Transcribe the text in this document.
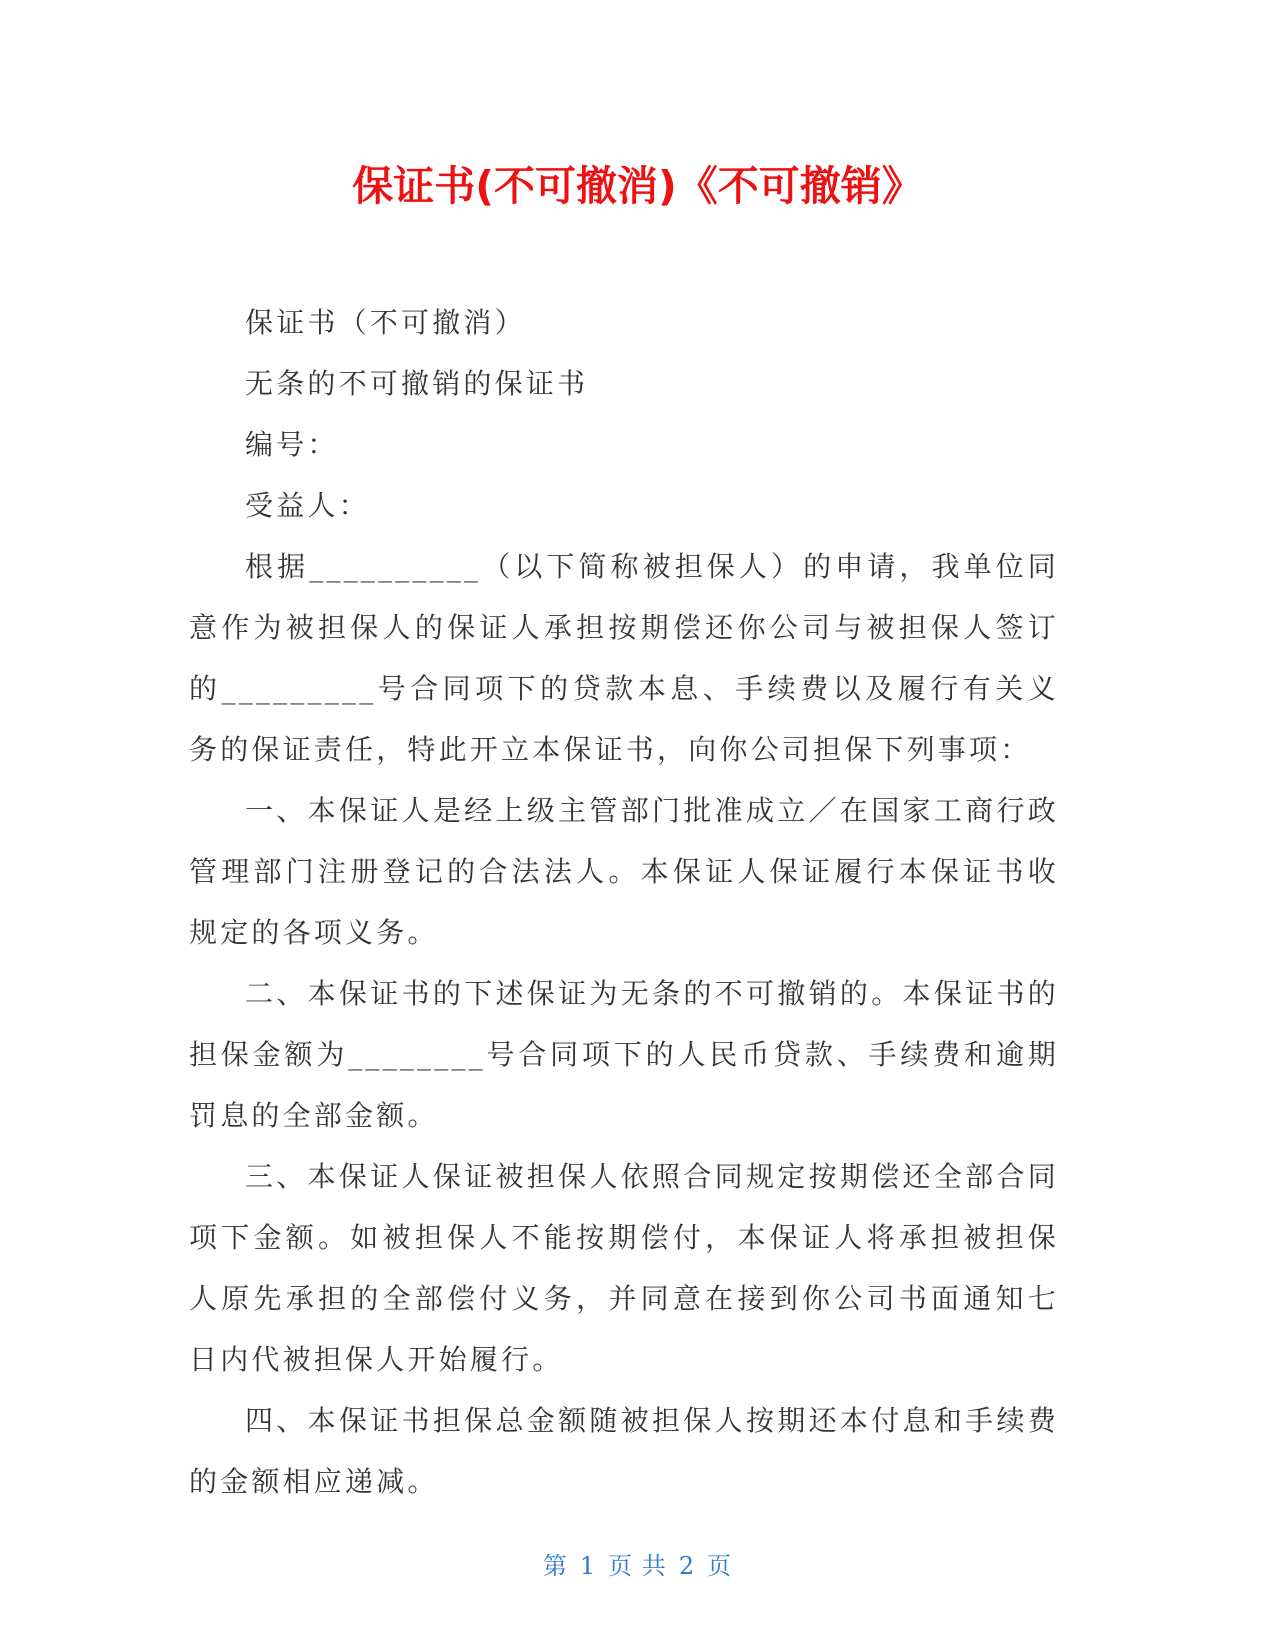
保证书(不可撤消)《不可撤销》

保证书（不可撤消）

无条的不可撤销的保证书

编号：

受益人：

根据__________（以下简称被担保人）的申请，我单位同意作为被担保人的保证人承担按期偿还你公司与被担保人签订的_________号合同项下的贷款本息、手续费以及履行有关义务的保证责任，特此开立本保证书，向你公司担保下列事项：

一、本保证人是经上级主管部门批准成立／在国家工商行政管理部门注册登记的合法法人。本保证人保证履行本保证书收规定的各项义务。

二、本保证书的下述保证为无条的不可撤销的。本保证书的担保金额为________号合同项下的人民币贷款、手续费和逾期罚息的全部金额。

三、本保证人保证被担保人依照合同规定按期偿还全部合同项下金额。如被担保人不能按期偿付，本保证人将承担被担保人原先承担的全部偿付义务，并同意在接到你公司书面通知七日内代被担保人开始履行。

四、本保证书担保总金额随被担保人按期还本付息和手续费的金额相应递减。

第 1 页 共 2 页
